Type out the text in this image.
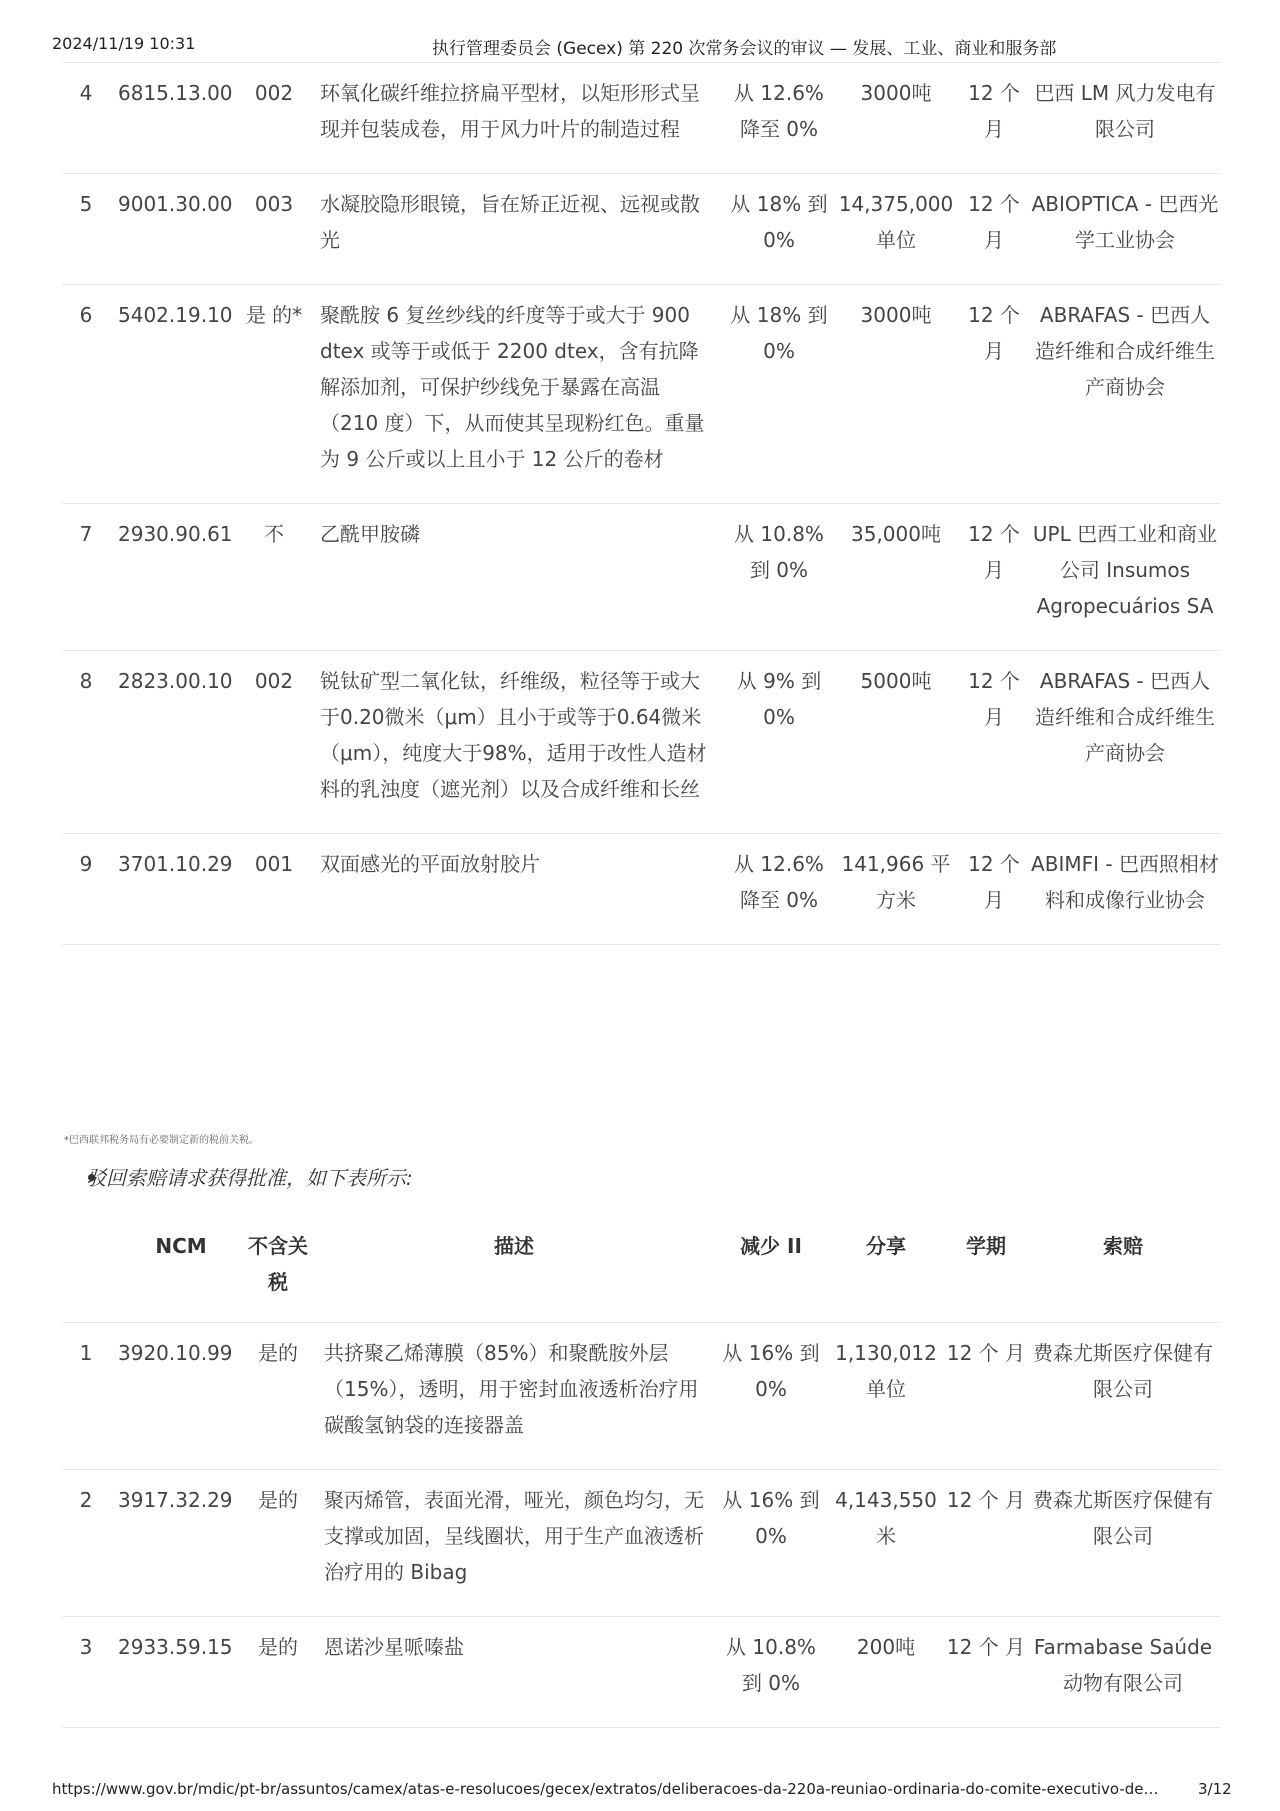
2024/11/19 10:31	执行管理委员会 (Gecex) 第 220 次常务会议的审议 — 发展、工业、商业和服务部
4	6815.13.00	002	环氧化碳纤维拉挤扁平型材，以矩形形式呈现并包装成卷，用于风力叶片的制造过程	从 12.6% 降至 0%	3000吨	12 个 月	巴西 LM 风力发电有限公司
5	9001.30.00	003	水凝胶隐形眼镜，旨在矫正近视、远视或散光	从 18% 到 0%	14,375,000 单位	12 个 月	ABIOPTICA - 巴西光学工业协会
6	5402.19.10	是 的*	聚酰胺 6 复丝纱线的纤度等于或大于 900 dtex 或等于或低于 2200 dtex，含有抗降解添加剂，可保护纱线免于暴露在高温（210 度）下，从而使其呈现粉红色。重量为 9 公斤或以上且小于 12 公斤的卷材	从 18% 到 0%	3000吨	12 个 月	ABRAFAS - 巴西人造纤维和合成纤维生产商协会
7	2930.90.61	不	乙酰甲胺磷	从 10.8% 到 0%	35,000吨	12 个 月	UPL 巴西工业和商业公司 Insumos Agropecuários SA
8	2823.00.10	002	锐钛矿型二氧化钛，纤维级，粒径等于或大于0.20微米（μm）且小于或等于0.64微米（μm），纯度大于98%，适用于改性人造材料的乳浊度（遮光剂）以及合成纤维和长丝	从 9% 到 0%	5000吨	12 个 月	ABRAFAS - 巴西人造纤维和合成纤维生产商协会
9	3701.10.29	001	双面感光的平面放射胶片	从 12.6% 降至 0%	141,966 平方米	12 个 月	ABIMFI - 巴西照相材料和成像行业协会
*巴西联邦税务局有必要制定新的税前关税。
驳回索赔请求获得批准，如下表所示:
	NCM	不含关税	描述	减少 II	分享	学期	索赔
1	3920.10.99	是的	共挤聚乙烯薄膜（85%）和聚酰胺外层（15%），透明，用于密封血液透析治疗用碳酸氢钠袋的连接器盖	从 16% 到 0%	1,130,012 单位	12 个 月	费森尤斯医疗保健有限公司
2	3917.32.29	是的	聚丙烯管，表面光滑，哑光，颜色均匀，无支撑或加固，呈线圈状，用于生产血液透析治疗用的 Bibag	从 16% 到 0%	4,143,550 米	12 个 月	费森尤斯医疗保健有限公司
3	2933.59.15	是的	恩诺沙星哌嗪盐	从 10.8% 到 0%	200吨	12 个 月	Farmabase Saúde 动物有限公司
https://www.gov.br/mdic/pt-br/assuntos/camex/atas-e-resolucoes/gecex/extratos/deliberacoes-da-220a-reuniao-ordinaria-do-comite-executivo-de…	3/12
